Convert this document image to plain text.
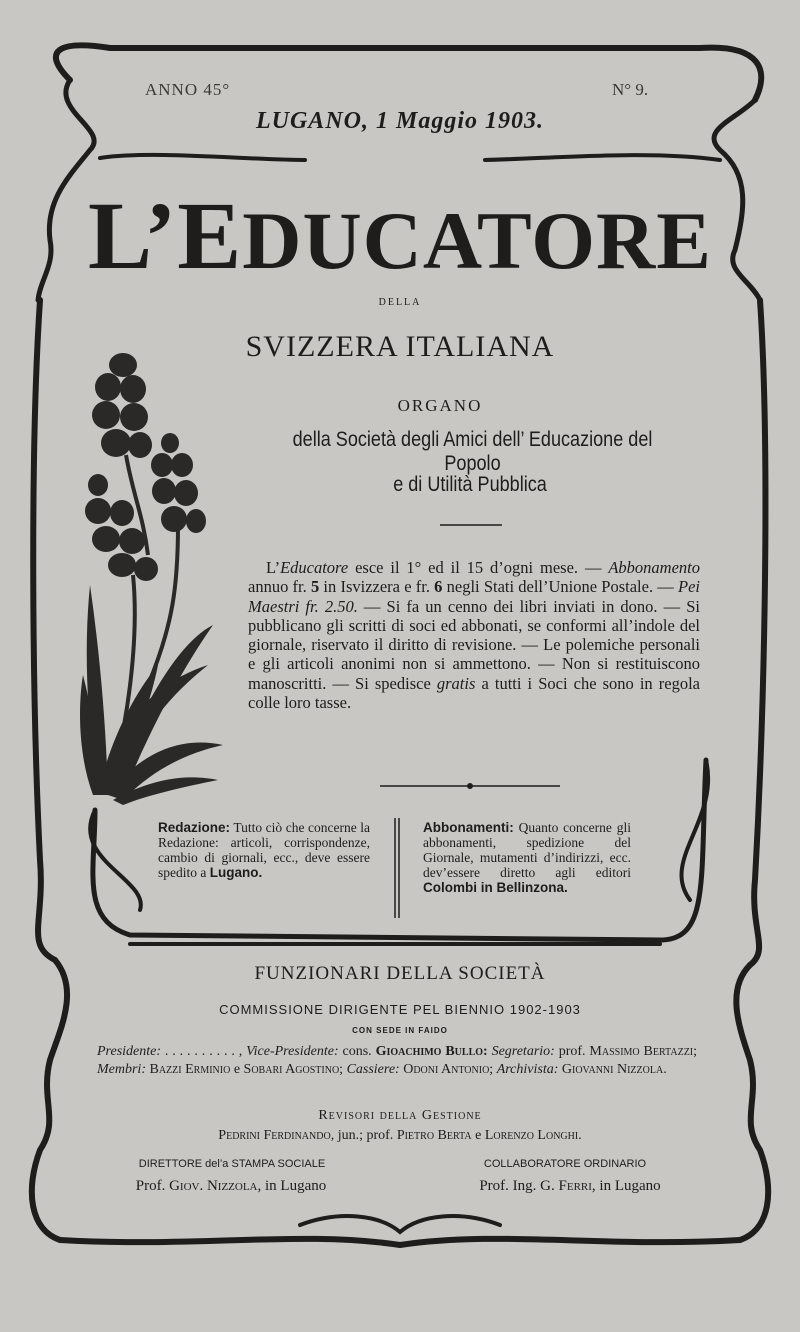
ANNO 45°	N° 9.
LUGANO, 1 Maggio 1903.
L’EDUCATORE
DELLA
SVIZZERA ITALIANA
ORGANO
della Società degli Amici dell’ Educazione del Popolo
e di Utilità Pubblica

L’Educatore esce il 1° ed il 15 d’ogni mese. — Abbonamento annuo fr. 5 in Isvizzera e fr. 6 negli Stati dell’Unione Postale. — Pei Maestri fr. 2.50. — Si fa un cenno dei libri inviati in dono. — Si pubblicano gli scritti di soci ed abbonati, se conformi all’indole del giornale, riservato il diritto di revisione. — Le polemiche personali e gli articoli anonimi non si ammettono. — Non si restituiscono manoscritti. — Si spedisce gratis a tutti i Soci che sono in regola colle loro tasse.

Redazione: Tutto ciò che concerne la Redazione: articoli, corrispondenze, cambio di giornali, ecc., deve essere spedito a Lugano.
Abbonamenti: Quanto concerne gli abbonamenti, spedizione del Giornale, mutamenti d’indirizzi, ecc. dev’essere diretto agli editori Colombi in Bellinzona.
FUNZIONARI DELLA SOCIETÀ
COMMISSIONE DIRIGENTE PEL BIENNIO 1902-1903
CON SEDE IN FAIDO
Presidente: . . . . . . . . . . , Vice-Presidente: cons. Gioachimo Bullo: Segretario: prof. Massimo Bertazzi; Membri: Bazzi Erminio e Sobari Agostino; Cassiere: Odoni Antonio; Archivista: Giovanni Nizzola.
Revisori della Gestione
Pedrini Ferdinando, jun.; prof. Pietro Berta e Lorenzo Longhi.
DIRETTORE del’a STAMPA SOCIALE	COLLABORATORE ORDINARIO
Prof. Giov. Nizzola, in Lugano	Prof. Ing. G. Ferri, in Lugano
